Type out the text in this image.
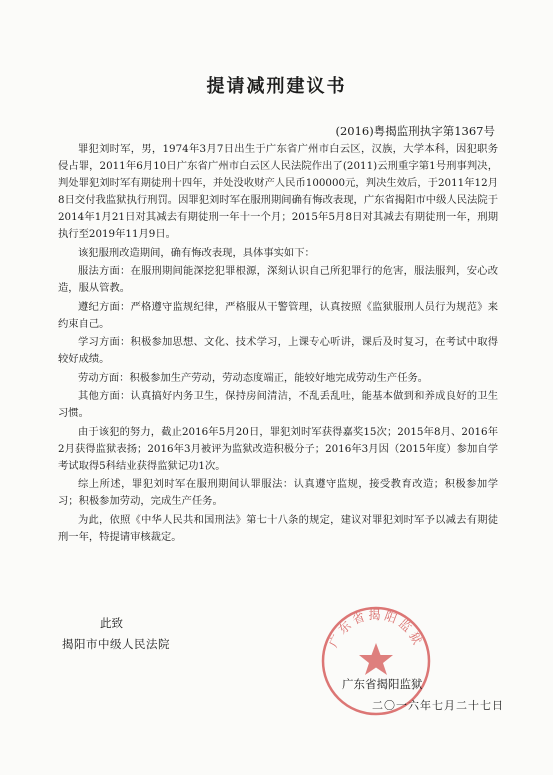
提请减刑建议书
(2016)粤揭监刑执字第1367号

罪犯刘时军，男，1974年3月7日出生于广东省广州市白云区，汉族，大学本科，因犯职务侵占罪，2011年6月10日广东省广州市白云区人民法院作出了(2011)云刑重字第1号刑事判决，判处罪犯刘时军有期徒刑十四年，并处没收财产人民币100000元，判决生效后，于2011年12月8日交付我监狱执行刑罚。因罪犯刘时军在服刑期间确有悔改表现，广东省揭阳市中级人民法院于2014年1月21日对其减去有期徒刑一年十一个月；2015年5月8日对其减去有期徒刑一年，刑期执行至2019年11月9日。

该犯服刑改造期间，确有悔改表现，具体事实如下：

服法方面：在服刑期间能深挖犯罪根源，深刻认识自己所犯罪行的危害，服法服判，安心改造，服从管教。

遵纪方面：严格遵守监规纪律，严格服从干警管理，认真按照《监狱服刑人员行为规范》来约束自己。

学习方面：积极参加思想、文化、技术学习，上课专心听讲，课后及时复习，在考试中取得较好成绩。

劳动方面：积极参加生产劳动，劳动态度端正，能较好地完成劳动生产任务。

其他方面：认真搞好内务卫生，保持房间清洁，不乱丢乱吐，能基本做到和养成良好的卫生习惯。

由于该犯的努力，截止2016年5月20日，罪犯刘时军获得嘉奖15次；2015年8月、2016年2月获得监狱表扬；2016年3月被评为监狱改造积极分子；2016年3月因（2015年度）参加自学考试取得5科结业获得监狱记功1次。

综上所述，罪犯刘时军在服刑期间认罪服法：认真遵守监规，接受教育改造；积极参加学习；积极参加劳动，完成生产任务。

为此，依照《中华人民共和国刑法》第七十八条的规定，建议对罪犯刘时军予以减去有期徒刑一年，特提请审核裁定。

此致
揭阳市中级人民法院	广东省揭阳监狱
广东省揭阳监狱
二〇一六年七月二十七日
